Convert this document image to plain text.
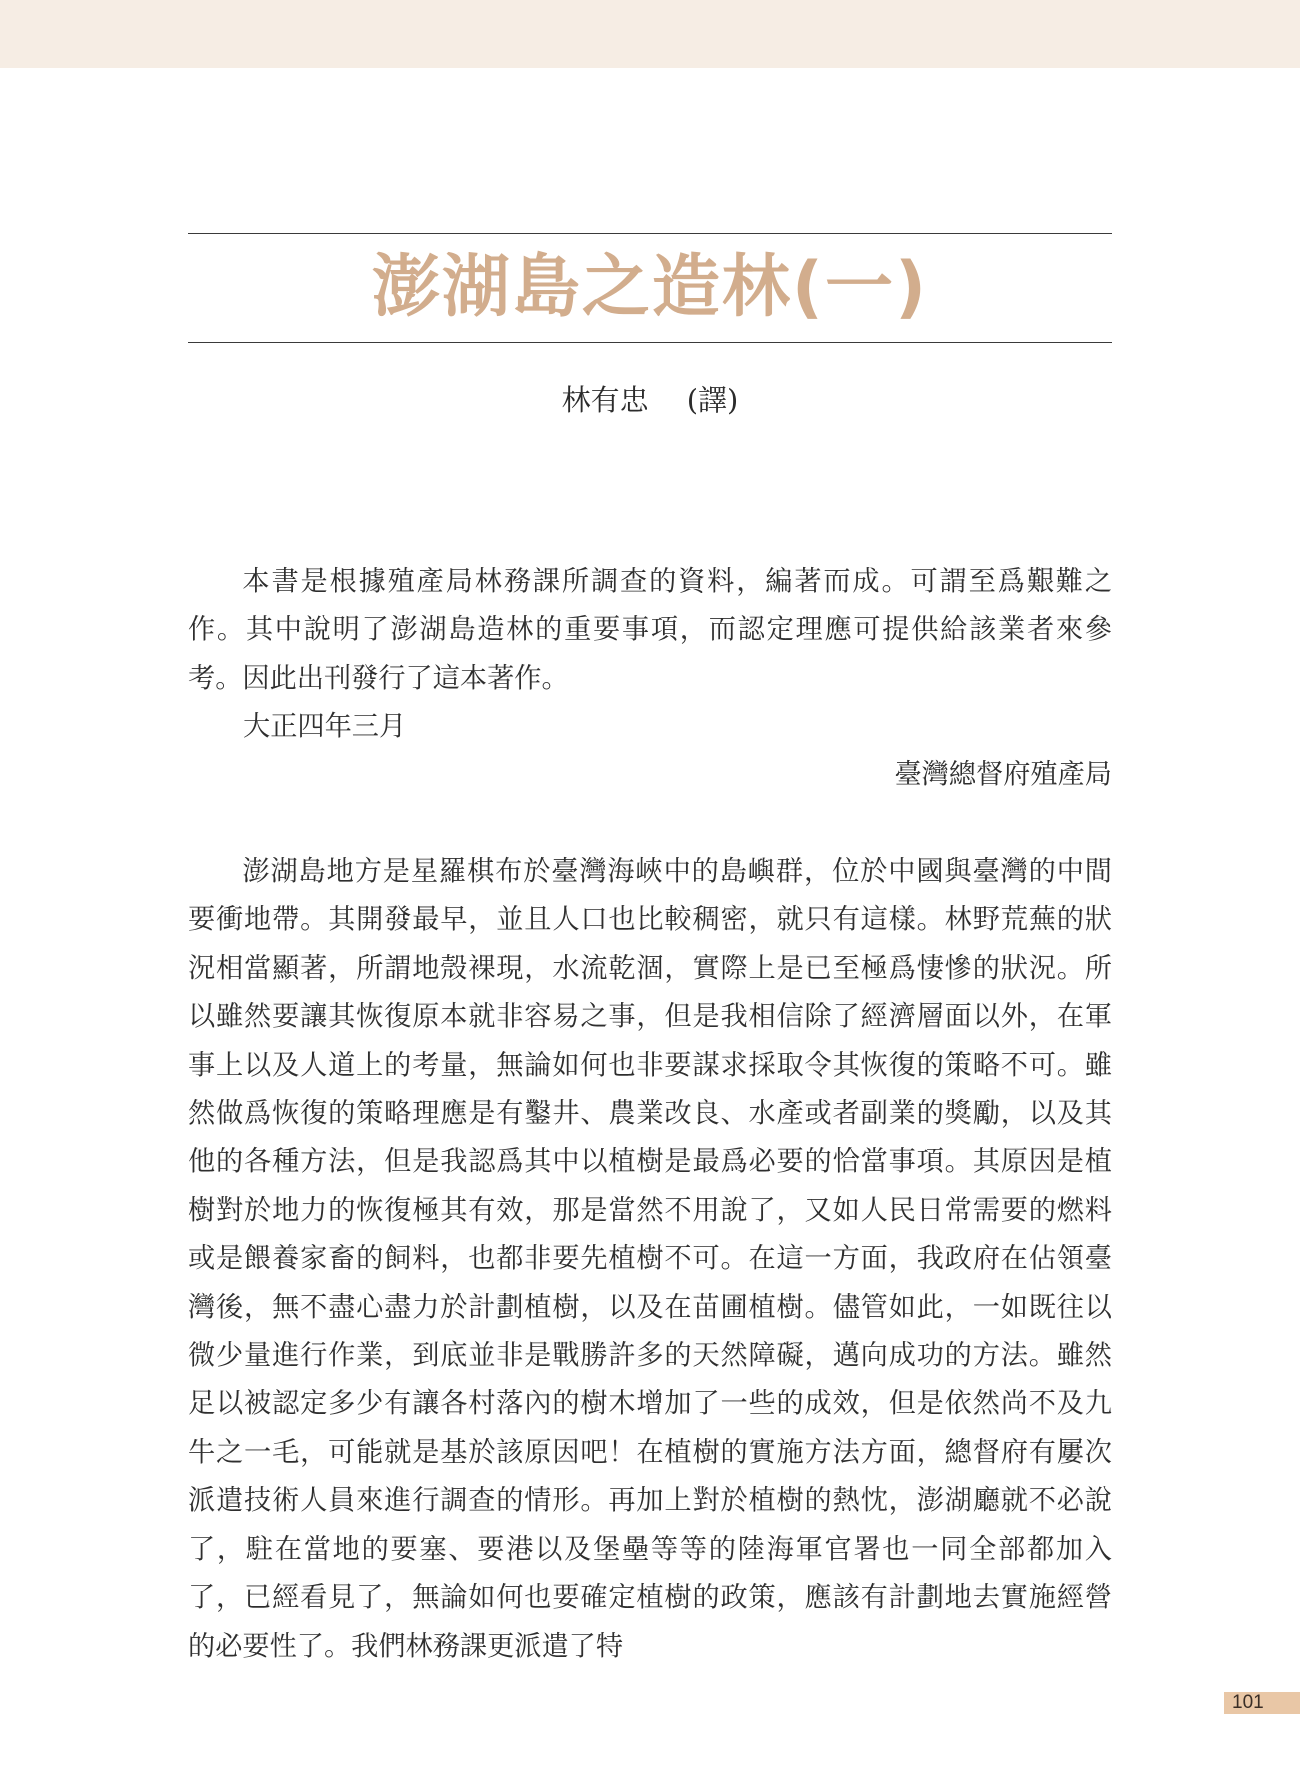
澎湖島之造林(一)
林有忠 (譯)

本書是根據殖產局林務課所調查的資料，編著而成。可謂至爲艱難之作。其中說明了澎湖島造林的重要事項，而認定理應可提供給該業者來參考。因此出刊發行了這本著作。

大正四年三月
臺灣總督府殖產局

澎湖島地方是星羅棋布於臺灣海峽中的島嶼群，位於中國與臺灣的中間要衝地帶。其開發最早，並且人口也比較稠密，就只有這樣。林野荒蕪的狀況相當顯著，所謂地殼裸現，水流乾涸，實際上是已至極爲悽慘的狀況。所以雖然要讓其恢復原本就非容易之事，但是我相信除了經濟層面以外，在軍事上以及人道上的考量，無論如何也非要謀求採取令其恢復的策略不可。雖然做爲恢復的策略理應是有鑿井、農業改良、水產或者副業的獎勵，以及其他的各種方法，但是我認爲其中以植樹是最爲必要的恰當事項。其原因是植樹對於地力的恢復極其有效，那是當然不用說了，又如人民日常需要的燃料或是餵養家畜的飼料，也都非要先植樹不可。在這一方面，我政府在佔領臺灣後，無不盡心盡力於計劃植樹，以及在苗圃植樹。儘管如此，一如既往以微少量進行作業，到底並非是戰勝許多的天然障礙，邁向成功的方法。雖然足以被認定多少有讓各村落內的樹木增加了一些的成效，但是依然尚不及九牛之一毛，可能就是基於該原因吧！在植樹的實施方法方面，總督府有屢次派遣技術人員來進行調查的情形。再加上對於植樹的熱忱，澎湖廳就不必說了，駐在當地的要塞、要港以及堡壘等等的陸海軍官署也一同全部都加入了，已經看見了，無論如何也要確定植樹的政策，應該有計劃地去實施經營的必要性了。我們林務課更派遣了特

101
